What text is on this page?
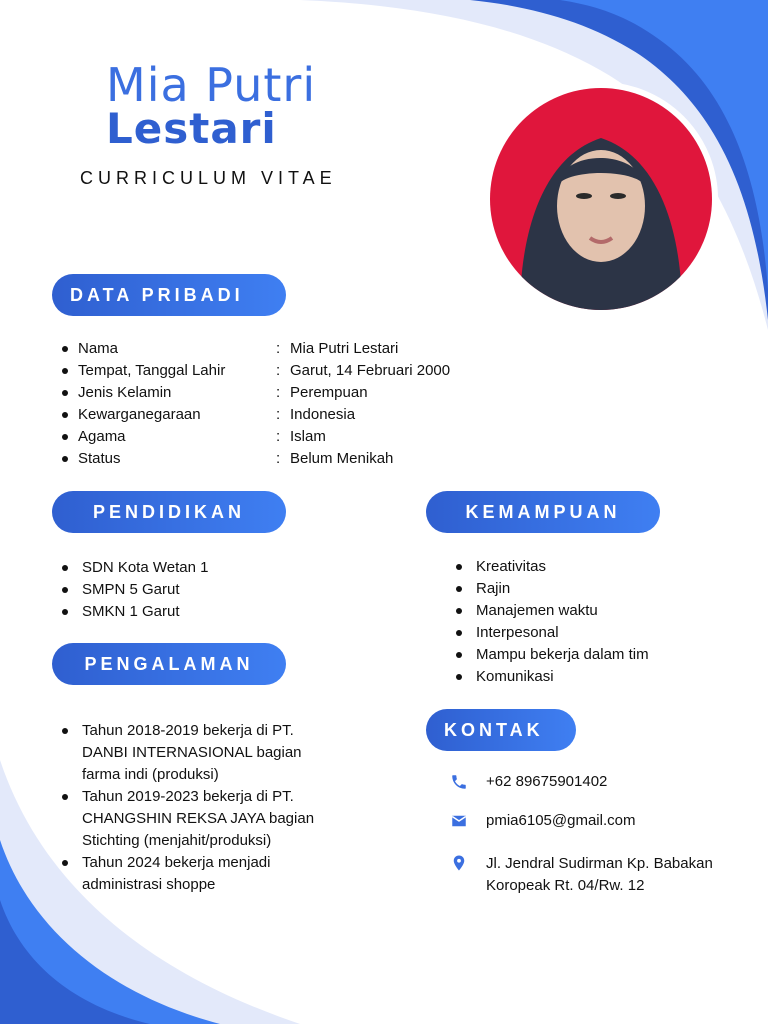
Mia Putri
Lestari
CURRICULUM VITAE
DATA PRIBADI
Nama	: Mia Putri Lestari
Tempat, Tanggal Lahir	: Garut, 14 Februari 2000
Jenis Kelamin	: Perempuan
Kewarganegaraan	: Indonesia
Agama	: Islam
Status	: Belum Menikah
PENDIDIKAN
SDN Kota Wetan 1
SMPN 5 Garut
SMKN 1 Garut
PENGALAMAN
Tahun 2018-2019 bekerja di PT. DANBI INTERNASIONAL bagian farma indi (produksi)
Tahun 2019-2023 bekerja di PT. CHANGSHIN REKSA JAYA bagian Stichting (menjahit/produksi)
Tahun 2024 bekerja menjadi administrasi shoppe
KEMAMPUAN
Kreativitas
Rajin
Manajemen waktu
Interpesonal
Mampu bekerja dalam tim
Komunikasi
KONTAK
+62 89675901402
pmia6105@gmail.com
Jl. Jendral Sudirman Kp. Babakan
Koropeak Rt. 04/Rw. 12
